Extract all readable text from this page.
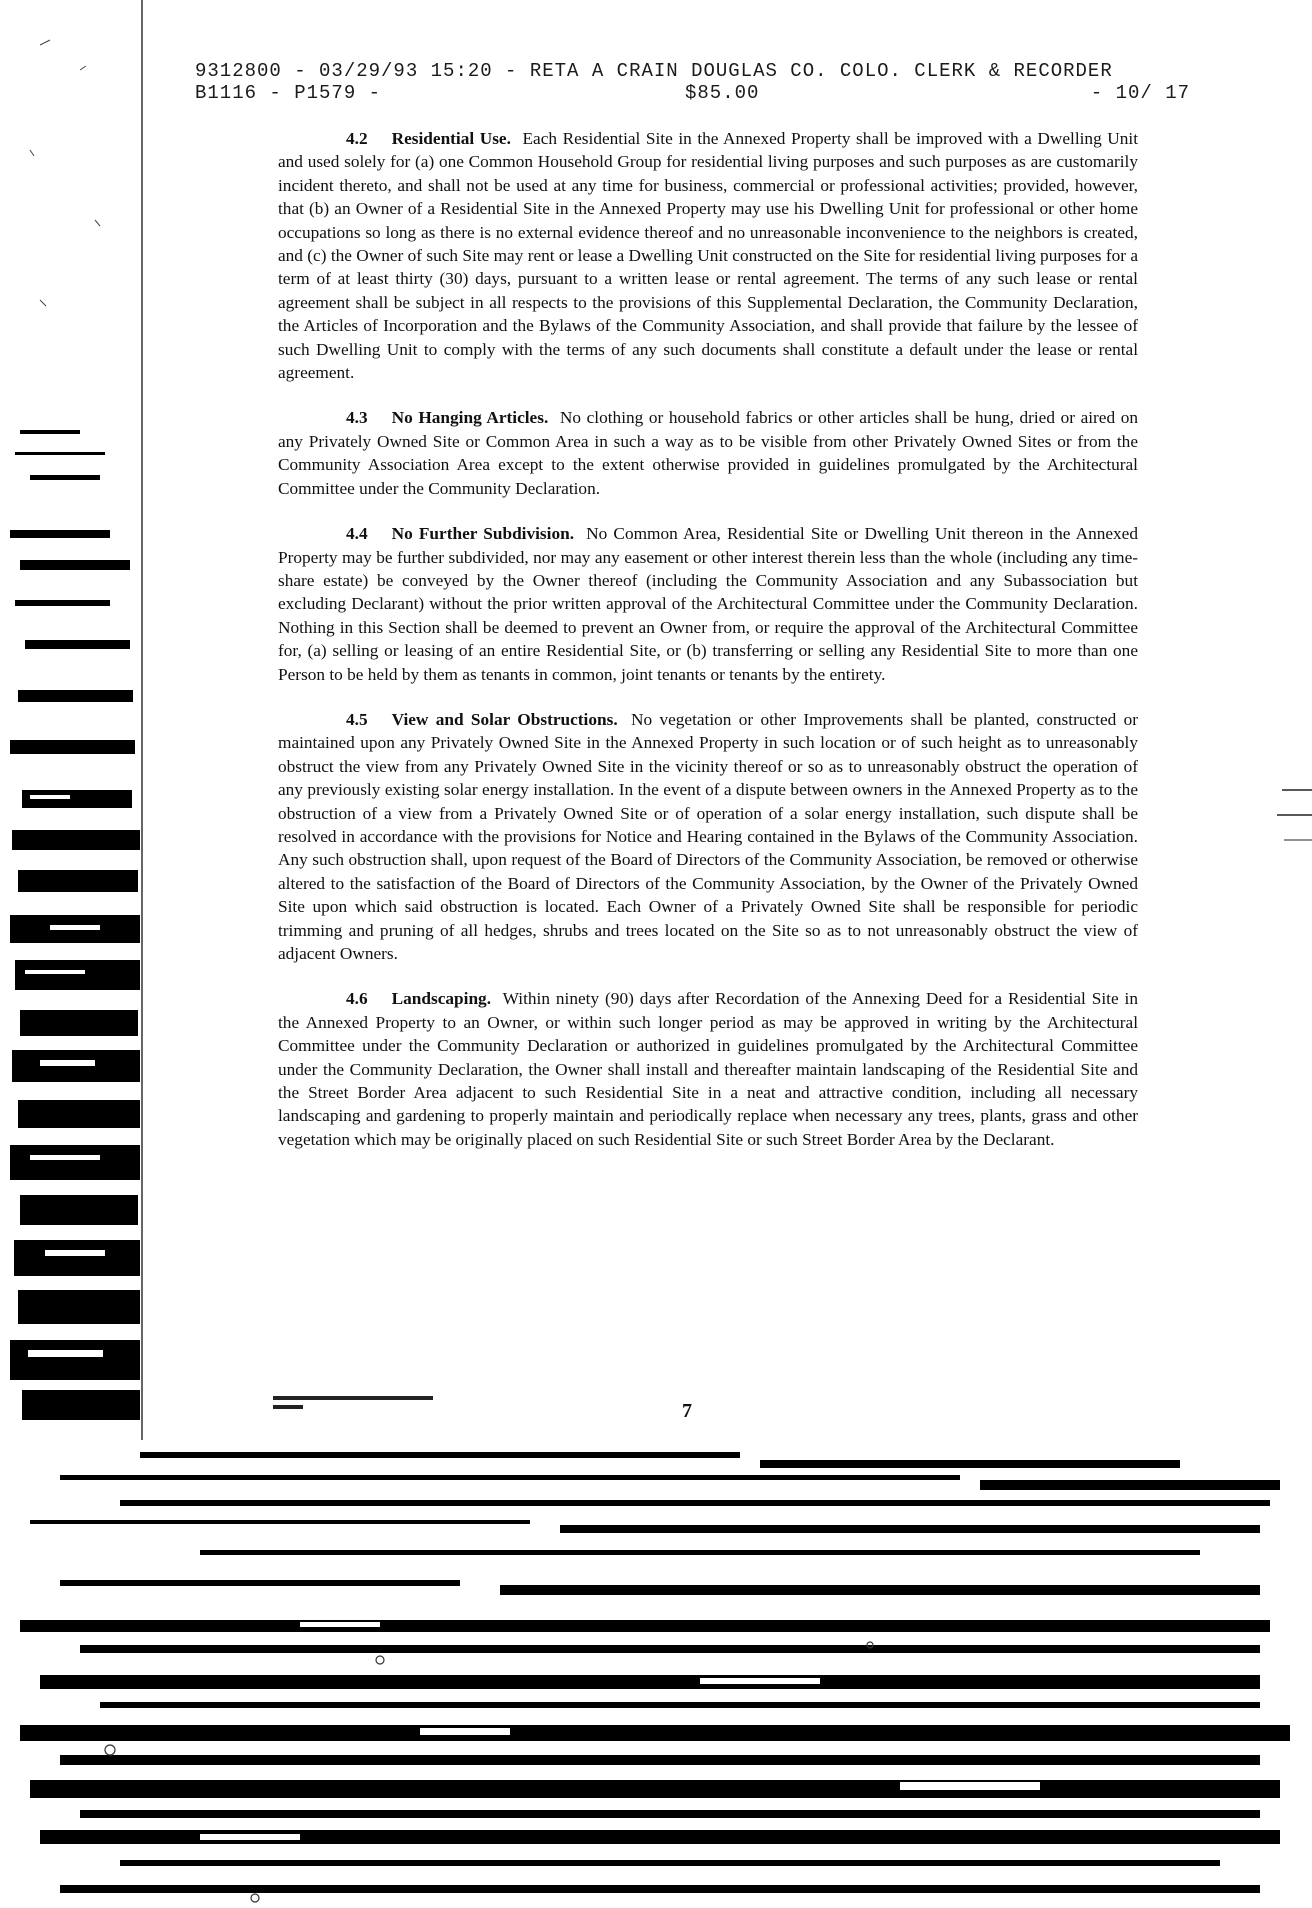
9312800 - 03/29/93 15:20 - RETA A CRAIN DOUGLAS CO. COLO. CLERK & RECORDER
B1116 - P1579 -	$85.00	- 10/ 17

4.2 Residential Use. Each Residential Site in the Annexed Property shall be improved with a Dwelling Unit and used solely for (a) one Common Household Group for residential living purposes and such purposes as are customarily incident thereto, and shall not be used at any time for business, commercial or professional activities; provided, however, that (b) an Owner of a Residential Site in the Annexed Property may use his Dwelling Unit for professional or other home occupations so long as there is no external evidence thereof and no unreasonable inconvenience to the neighbors is created, and (c) the Owner of such Site may rent or lease a Dwelling Unit constructed on the Site for residential living purposes for a term of at least thirty (30) days, pursuant to a written lease or rental agreement. The terms of any such lease or rental agreement shall be subject in all respects to the provisions of this Supplemental Declaration, the Community Declaration, the Articles of Incorporation and the Bylaws of the Community Association, and shall provide that failure by the lessee of such Dwelling Unit to comply with the terms of any such documents shall constitute a default under the lease or rental agreement.

4.3 No Hanging Articles. No clothing or household fabrics or other articles shall be hung, dried or aired on any Privately Owned Site or Common Area in such a way as to be visible from other Privately Owned Sites or from the Community Association Area except to the extent otherwise provided in guidelines promulgated by the Architectural Committee under the Community Declaration.

4.4 No Further Subdivision. No Common Area, Residential Site or Dwelling Unit thereon in the Annexed Property may be further subdivided, nor may any easement or other interest therein less than the whole (including any time-share estate) be conveyed by the Owner thereof (including the Community Association and any Subassociation but excluding Declarant) without the prior written approval of the Architectural Committee under the Community Declaration. Nothing in this Section shall be deemed to prevent an Owner from, or require the approval of the Architectural Committee for, (a) selling or leasing of an entire Residential Site, or (b) transferring or selling any Residential Site to more than one Person to be held by them as tenants in common, joint tenants or tenants by the entirety.

4.5 View and Solar Obstructions. No vegetation or other Improvements shall be planted, constructed or maintained upon any Privately Owned Site in the Annexed Property in such location or of such height as to unreasonably obstruct the view from any Privately Owned Site in the vicinity thereof or so as to unreasonably obstruct the operation of any previously existing solar energy installation. In the event of a dispute between owners in the Annexed Property as to the obstruction of a view from a Privately Owned Site or of operation of a solar energy installation, such dispute shall be resolved in accordance with the provisions for Notice and Hearing contained in the Bylaws of the Community Association. Any such obstruction shall, upon request of the Board of Directors of the Community Association, be removed or otherwise altered to the satisfaction of the Board of Directors of the Community Association, by the Owner of the Privately Owned Site upon which said obstruction is located. Each Owner of a Privately Owned Site shall be responsible for periodic trimming and pruning of all hedges, shrubs and trees located on the Site so as to not unreasonably obstruct the view of adjacent Owners.

4.6 Landscaping. Within ninety (90) days after Recordation of the Annexing Deed for a Residential Site in the Annexed Property to an Owner, or within such longer period as may be approved in writing by the Architectural Committee under the Community Declaration or authorized in guidelines promulgated by the Architectural Committee under the Community Declaration, the Owner shall install and thereafter maintain landscaping of the Residential Site and the Street Border Area adjacent to such Residential Site in a neat and attractive condition, including all necessary landscaping and gardening to properly maintain and periodically replace when necessary any trees, plants, grass and other vegetation which may be originally placed on such Residential Site or such Street Border Area by the Declarant.

7
